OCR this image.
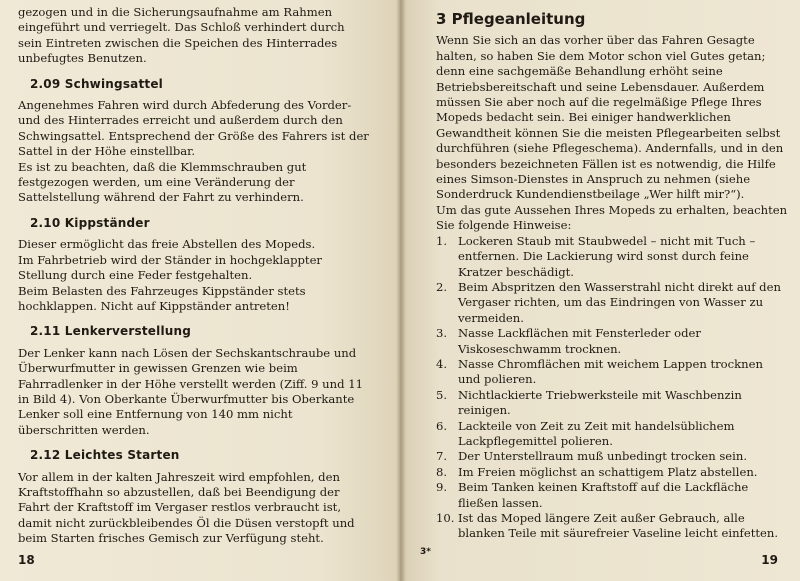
gezogen und in die Sicherungsaufnahme am Rahmen eingeführt und verriegelt. Das Schloß verhindert durch sein Eintreten zwischen die Speichen des Hinterrades unbefugtes Benutzen.

2.09 Schwingsattel

Angenehmes Fahren wird durch Abfederung des Vorder- und des Hinterrades erreicht und außerdem durch den Schwingsattel. Entsprechend der Größe des Fahrers ist der Sattel in der Höhe einstellbar.

Es ist zu beachten, daß die Klemmschrauben gut festgezogen werden, um eine Veränderung der Sattelstellung während der Fahrt zu verhindern.

2.10 Kippständer

Dieser ermöglicht das freie Abstellen des Mopeds.

Im Fahrbetrieb wird der Ständer in hochgeklappter Stellung durch eine Feder festgehalten.

Beim Belasten des Fahrzeuges Kippständer stets hochklappen. Nicht auf Kippständer antreten!

2.11 Lenkerverstellung

Der Lenker kann nach Lösen der Sechskantschraube und Überwurfmutter in gewissen Grenzen wie beim Fahrradlenker in der Höhe verstellt werden (Ziff. 9 und 11 in Bild 4). Von Oberkante Überwurfmutter bis Oberkante Lenker soll eine Entfernung von 140 mm nicht überschritten werden.

2.12 Leichtes Starten

Vor allem in der kalten Jahreszeit wird empfohlen, den Kraftstoffhahn so abzustellen, daß bei Beendigung der Fahrt der Kraftstoff im Vergaser restlos verbraucht ist, damit nicht zurückbleibendes Öl die Düsen verstopft und beim Starten frisches Gemisch zur Verfügung steht.

18
3 Pflegeanleitung

Wenn Sie sich an das vorher über das Fahren Gesagte halten, so haben Sie dem Motor schon viel Gutes getan; denn eine sachgemäße Behandlung erhöht seine Betriebsbereitschaft und seine Lebensdauer. Außerdem müssen Sie aber noch auf die regelmäßige Pflege Ihres Mopeds bedacht sein. Bei einiger handwerklichen Gewandtheit können Sie die meisten Pflegearbeiten selbst durchführen (siehe Pflegeschema). Andernfalls, und in den besonders bezeichneten Fällen ist es notwendig, die Hilfe eines Simson-Dienstes in Anspruch zu nehmen (siehe Sonderdruck Kundendienstbeilage „Wer hilft mir?“).

Um das gute Aussehen Ihres Mopeds zu erhalten, beachten Sie folgende Hinweise:

1. Lockeren Staub mit Staubwedel – nicht mit Tuch – entfernen. Die Lackierung wird sonst durch feine Kratzer beschädigt.
2. Beim Abspritzen den Wasserstrahl nicht direkt auf den Vergaser richten, um das Eindringen von Wasser zu vermeiden.
3. Nasse Lackflächen mit Fensterleder oder Viskoseschwamm trocknen.
4. Nasse Chromflächen mit weichem Lappen trocknen und polieren.
5. Nichtlackierte Triebwerksteile mit Waschbenzin reinigen.
6. Lackteile von Zeit zu Zeit mit handelsüblichem Lackpflegemittel polieren.
7. Der Unterstellraum muß unbedingt trocken sein.
8. Im Freien möglichst an schattigem Platz abstellen.
9. Beim Tanken keinen Kraftstoff auf die Lackfläche fließen lassen.
10. Ist das Moped längere Zeit außer Gebrauch, alle blanken Teile mit säurefreier Vaseline leicht einfetten.
3*
19
